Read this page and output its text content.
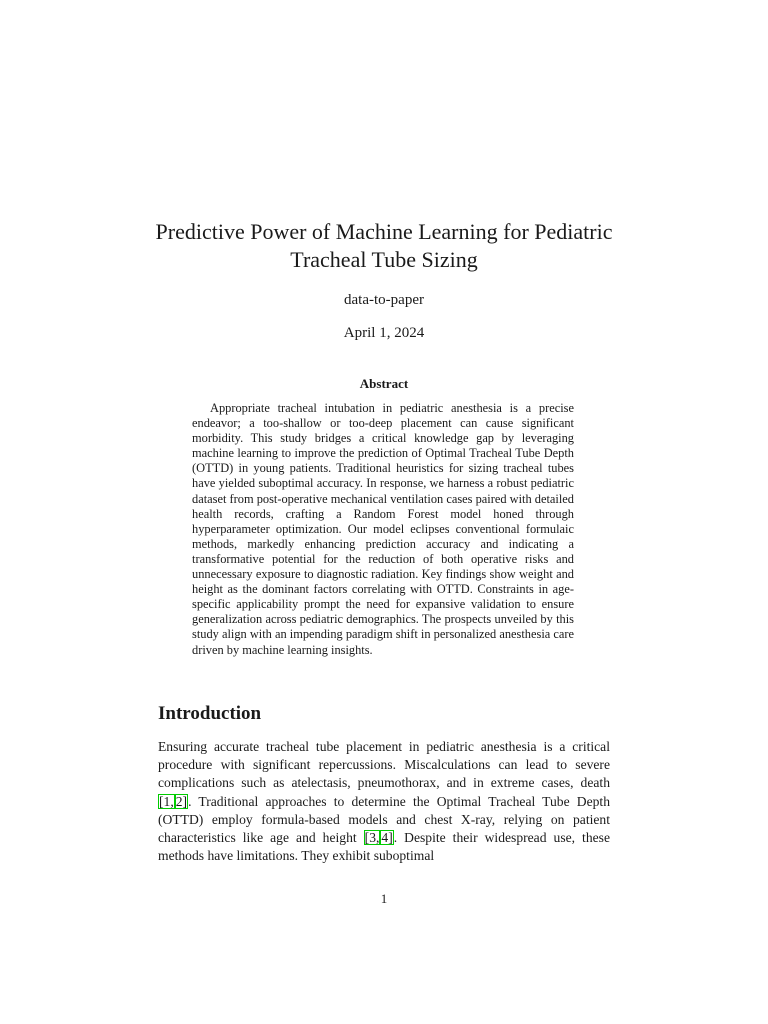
Predictive Power of Machine Learning for Pediatric
Tracheal Tube Sizing
data-to-paper
April 1, 2024
Abstract

Appropriate tracheal intubation in pediatric anesthesia is a precise endeavor; a too-shallow or too-deep placement can cause significant morbidity. This study bridges a critical knowledge gap by leveraging machine learning to improve the prediction of Optimal Tracheal Tube Depth (OTTD) in young patients. Traditional heuristics for sizing tracheal tubes have yielded suboptimal accuracy. In response, we harness a robust pediatric dataset from post-operative mechanical ventilation cases paired with detailed health records, crafting a Random Forest model honed through hyperparameter optimization. Our model eclipses conventional formulaic methods, markedly enhancing prediction accuracy and indicating a transformative potential for the reduction of both operative risks and unnecessary exposure to diagnostic radiation. Key findings show weight and height as the dominant factors correlating with OTTD. Constraints in age-specific applicability prompt the need for expansive validation to ensure generalization across pediatric demographics. The prospects unveiled by this study align with an impending paradigm shift in personalized anesthesia care driven by machine learning insights.

Introduction

Ensuring accurate tracheal tube placement in pediatric anesthesia is a critical procedure with significant repercussions. Miscalculations can lead to severe complications such as atelectasis, pneumothorax, and in extreme cases, death [1, 2]. Traditional approaches to determine the Optimal Tracheal Tube Depth (OTTD) employ formula-based models and chest X-ray, relying on patient characteristics like age and height [3, 4]. Despite their widespread use, these methods have limitations. They exhibit suboptimal

1
